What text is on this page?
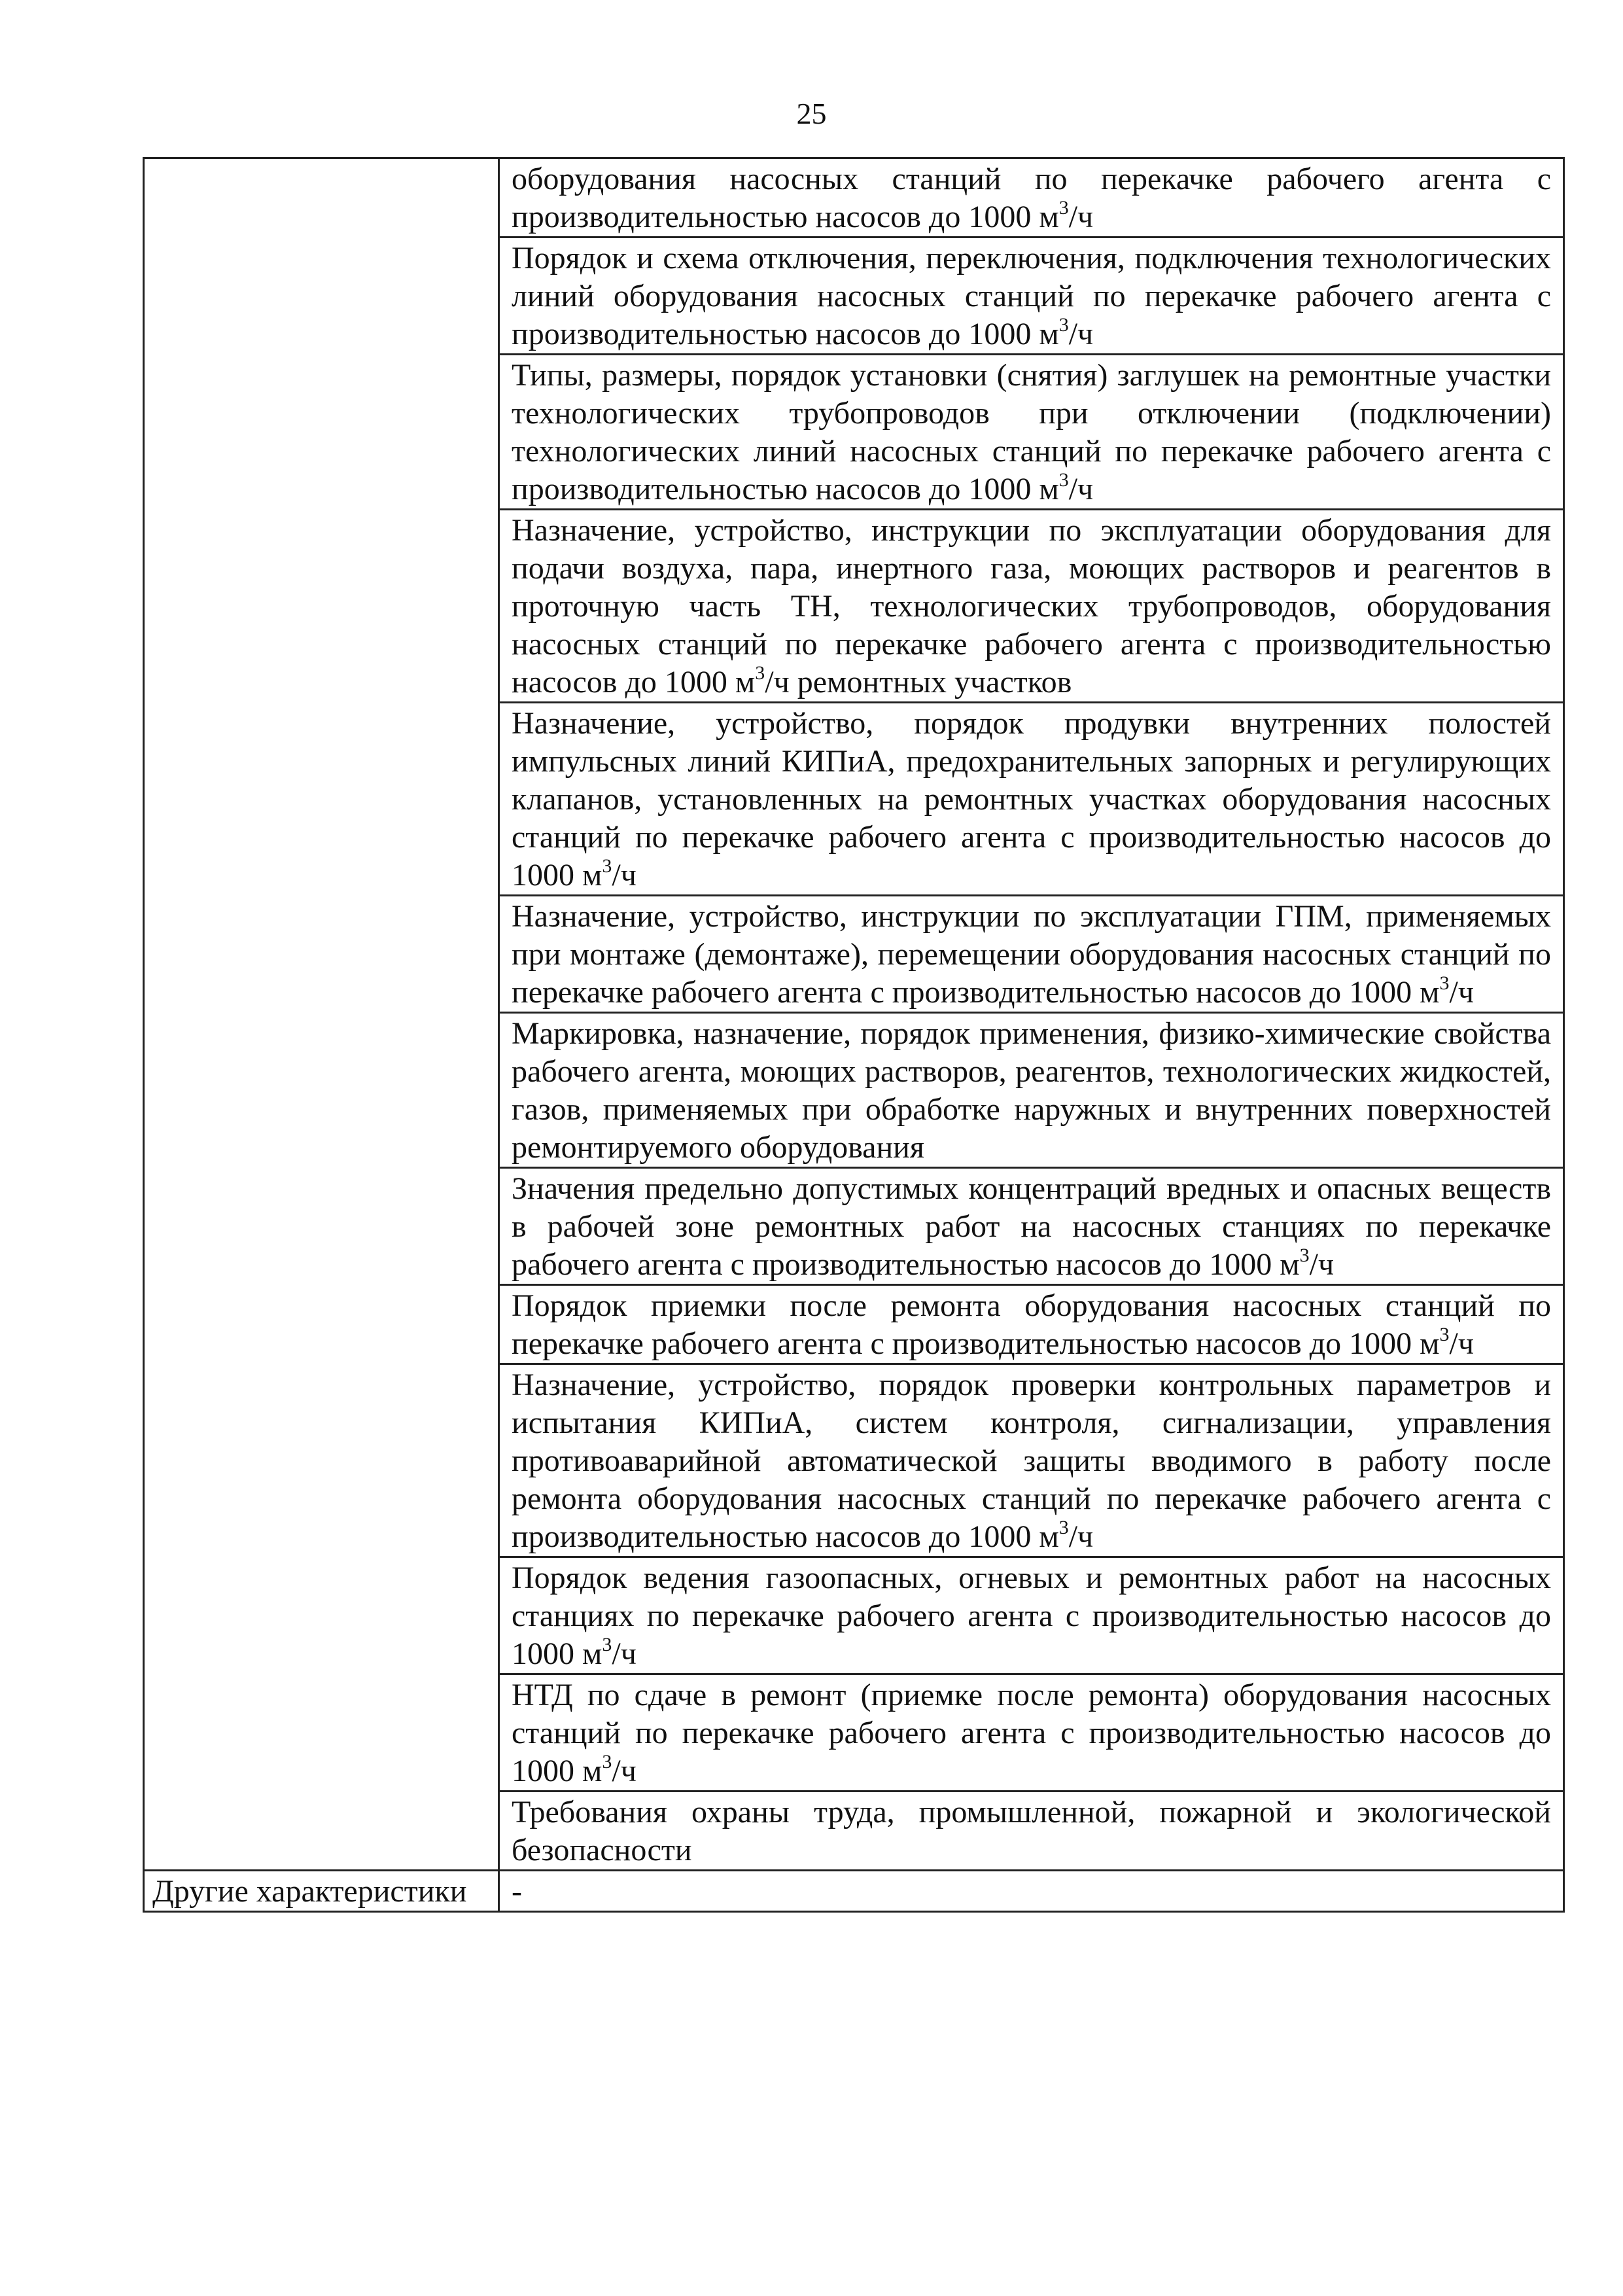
25
	оборудования насосных станций по перекачке рабочего агента с производительностью насосов до 1000 $м^3/ч$
	Порядок и схема отключения, переключения, подключения технологических линий оборудования насосных станций по перекачке рабочего агента с производительностью насосов до 1000 $м^3/ч$
	Типы, размеры, порядок установки (снятия) заглушек на ремонтные участки технологических трубопроводов при отключении (подключении) технологических линий насосных станций по перекачке рабочего агента с производительностью насосов до 1000 $м^3/ч$
	Назначение, устройство, инструкции по эксплуатации оборудования для подачи воздуха, пара, инертного газа, моющих растворов и реагентов в проточную часть ТН, технологических трубопроводов, оборудования насосных станций по перекачке рабочего агента с производительностью насосов до 1000 $м^3/ч$ ремонтных участков
	Назначение, устройство, порядок продувки внутренних полостей импульсных линий КИПиА, предохранительных запорных и регулирующих клапанов, установленных на ремонтных участках оборудования насосных станций по перекачке рабочего агента с производительностью насосов до 1000 $м^3/ч$
	Назначение, устройство, инструкции по эксплуатации ГПМ, применяемых при монтаже (демонтаже), перемещении оборудования насосных станций по перекачке рабочего агента с производительностью насосов до 1000 $м^3/ч$
	Маркировка, назначение, порядок применения, физико-химические свойства рабочего агента, моющих растворов, реагентов, технологических жидкостей, газов, применяемых при обработке наружных и внутренних поверхностей ремонтируемого оборудования
	Значения предельно допустимых концентраций вредных и опасных веществ в рабочей зоне ремонтных работ на насосных станциях по перекачке рабочего агента с производительностью насосов до 1000 $м^3/ч$
	Порядок приемки после ремонта оборудования насосных станций по перекачке рабочего агента с производительностью насосов до 1000 $м^3/ч$
	Назначение, устройство, порядок проверки контрольных параметров и испытания КИПиА, систем контроля, сигнализации, управления противоаварийной автоматической защиты вводимого в работу после ремонта оборудования насосных станций по перекачке рабочего агента с производительностью насосов до 1000 $м^3/ч$
	Порядок ведения газоопасных, огневых и ремонтных работ на насосных станциях по перекачке рабочего агента с производительностью насосов до 1000 $м^3/ч$
	НТД по сдаче в ремонт (приемке после ремонта) оборудования насосных станций по перекачке рабочего агента с производительностью насосов до 1000 $м^3/ч$
	Требования охраны труда, промышленной, пожарной и экологической безопасности
Другие характеристики	-
